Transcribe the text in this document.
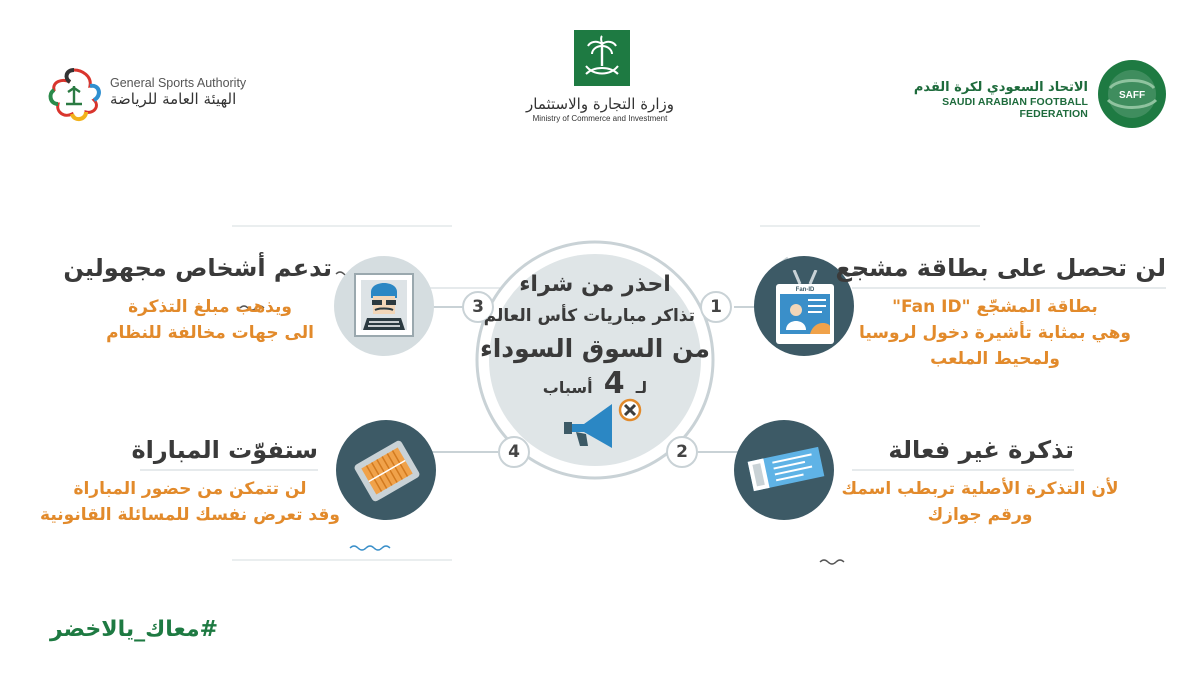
General Sports Authority
الهيئة العامة للرياضة	وزارة التجارة والاستثمار
Ministry of Commerce and Investment
الاتحاد السعودي لكرة القدم
SAUDI ARABIAN FOOTBALL FEDERATION
SAFF
Fan-ID
3	1
4	2
احذر من شراء
تذاكر مباريات كأس العالم
من السوق السوداء
لـ 4 أسباب
لن تحصل على بطاقة مشجع
بطاقة المشجّع "Fan ID"
وهي بمثابة تأشيرة دخول لروسيا
ولمحيط الملعب
تذكرة غير فعالة
لأن التذكرة الأصلية تربطب اسمك
ورقم جوازك
تدعم أشخاص مجهولين
ويذهب مبلغ التذكرة
الى جهات مخالفة للنظام
ستفوّت المباراة
لن تتمكن من حضور المباراة
وقد تعرض نفسك للمسائلة القانونية
#معاك_يالاخضر
